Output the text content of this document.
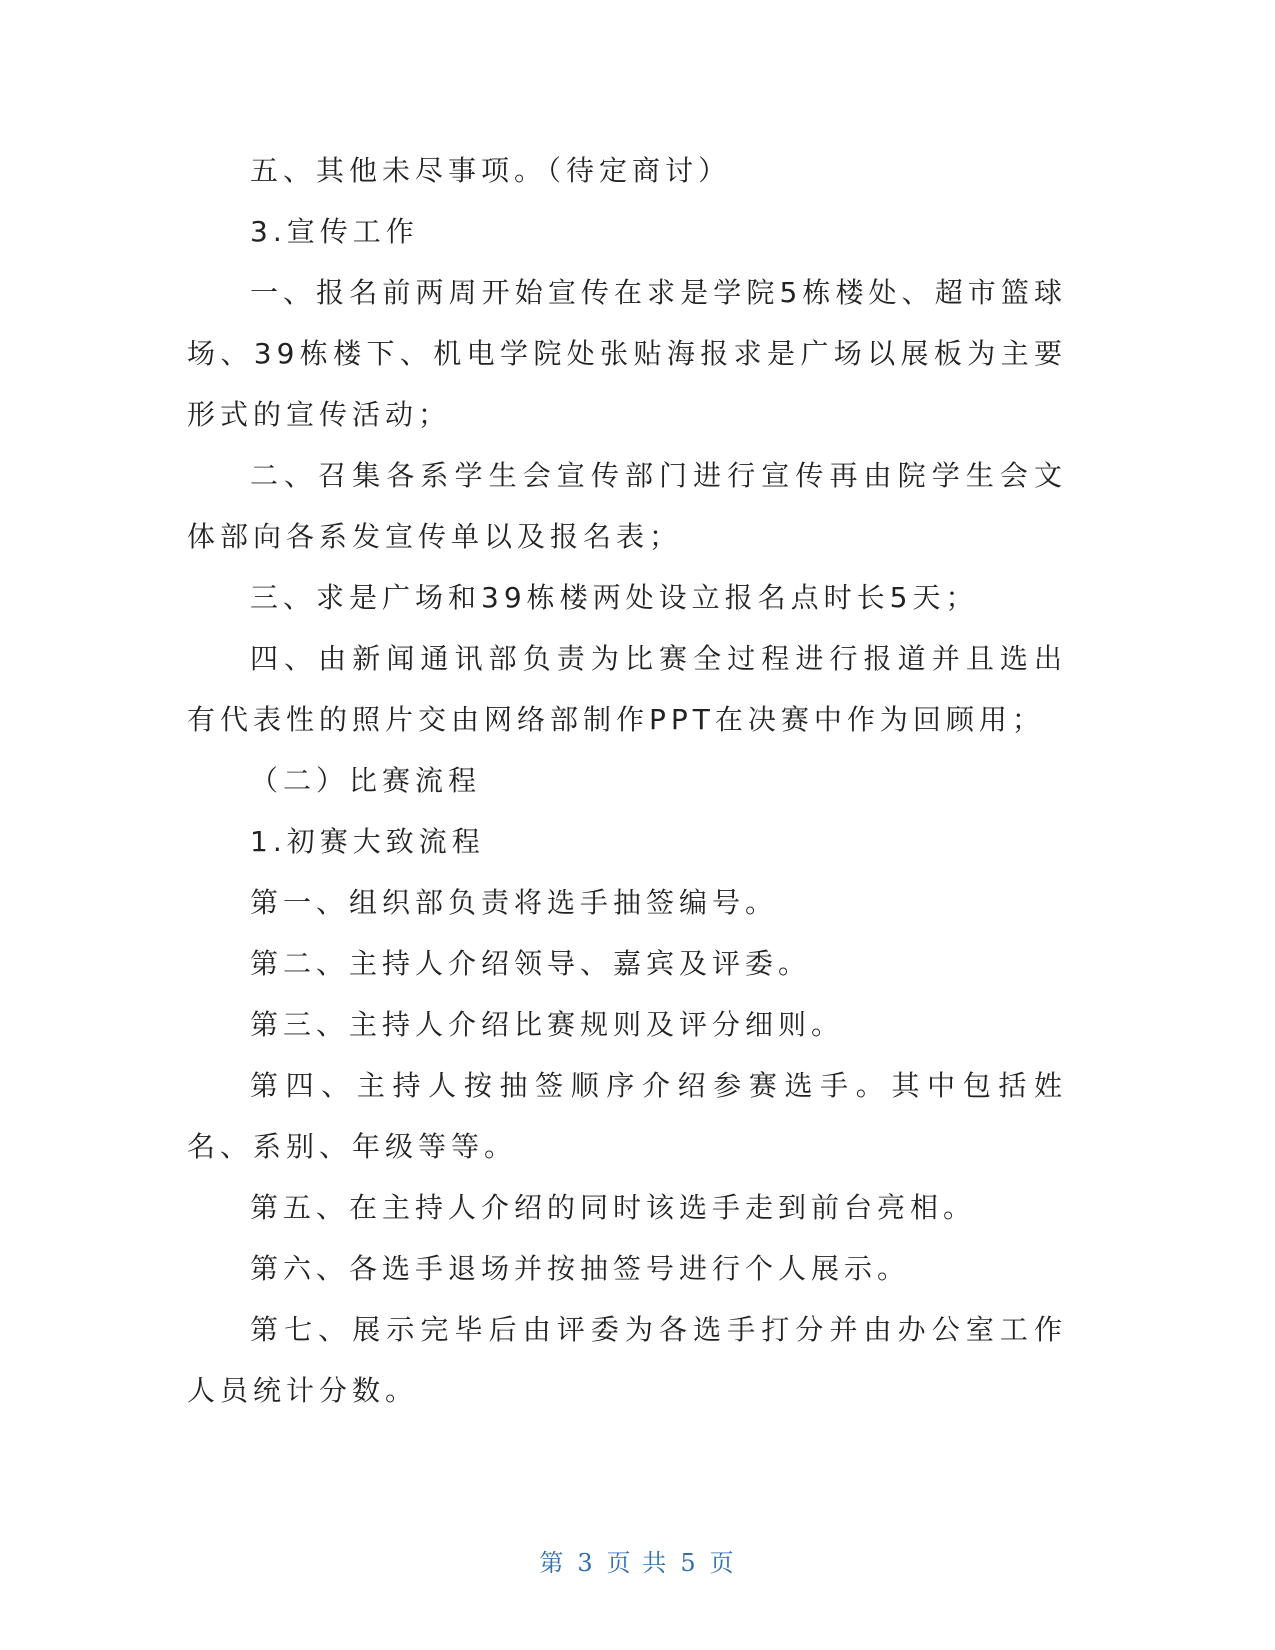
五、其他未尽事项。（待定商讨）

3.宣传工作

一、报名前两周开始宣传在求是学院5栋楼处、超市篮球场、39栋楼下、机电学院处张贴海报求是广场以展板为主要形式的宣传活动；

二、召集各系学生会宣传部门进行宣传再由院学生会文体部向各系发宣传单以及报名表；

三、求是广场和39栋楼两处设立报名点时长5天；

四、由新闻通讯部负责为比赛全过程进行报道并且选出有代表性的照片交由网络部制作PPT在决赛中作为回顾用；

（二）比赛流程

1.初赛大致流程

第一、组织部负责将选手抽签编号。

第二、主持人介绍领导、嘉宾及评委。

第三、主持人介绍比赛规则及评分细则。

第四、主持人按抽签顺序介绍参赛选手。其中包括姓名、系别、年级等等。

第五、在主持人介绍的同时该选手走到前台亮相。

第六、各选手退场并按抽签号进行个人展示。

第七、展示完毕后由评委为各选手打分并由办公室工作人员统计分数。

第 3 页 共 5 页
